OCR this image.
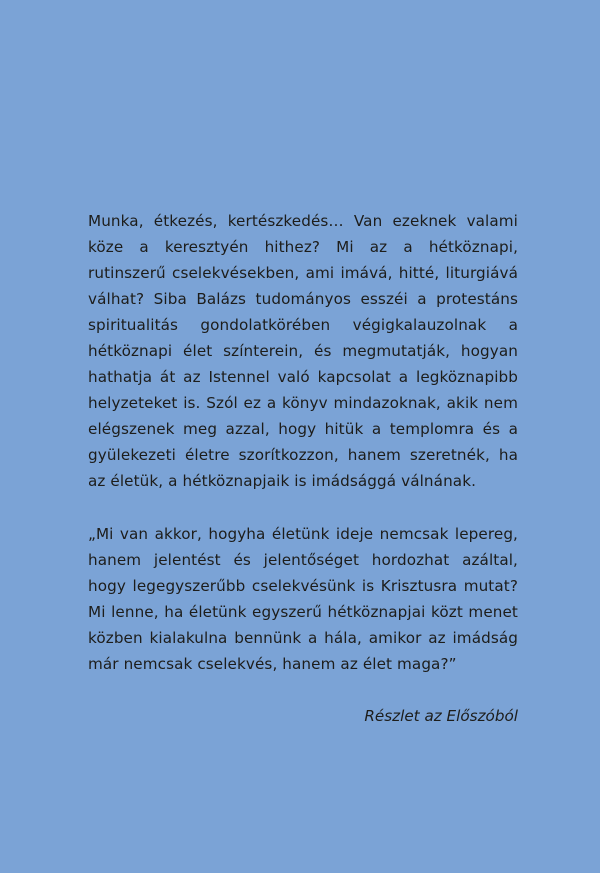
Munka, étkezés, kertészkedés… Van ezeknek valami köze a keresztyén hithez? Mi az a hétköznapi, rutinszerű cselekvésekben, ami imává, hitté, liturgiává válhat? Siba Balázs tudományos esszéi a protestáns spiritualitás gondolatkörében végigkalauzolnak a hétköznapi élet színterein, és megmutatják, hogyan hathatja át az Istennel való kapcsolat a legköznapibb helyzeteket is. Szól ez a könyv mindazoknak, akik nem elégszenek meg azzal, hogy hitük a templomra és a gyülekezeti életre szorítkozzon, hanem szeretnék, ha az életük, a hétköznapjaik is imádsággá válnának.

„Mi van akkor, hogyha életünk ideje nemcsak lepereg, hanem jelentést és jelentőséget hordozhat azáltal, hogy legegyszerűbb cselekvésünk is Krisztusra mutat? Mi lenne, ha életünk egyszerű hétköznapjai közt menet közben kialakulna bennünk a hála, amikor az imádság már nemcsak cselekvés, hanem az élet maga?”

Részlet az Előszóból
